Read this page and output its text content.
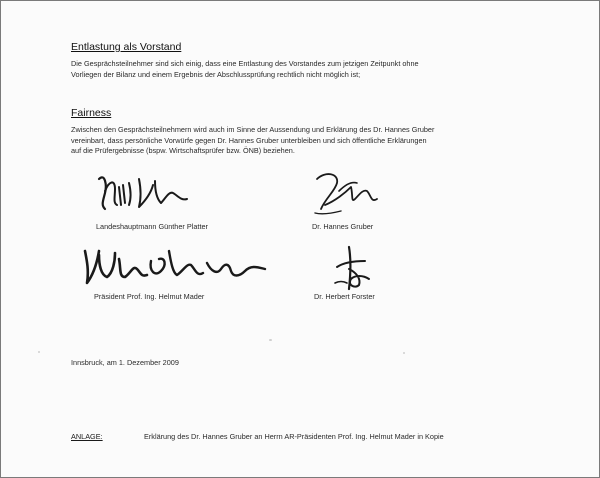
Entlastung als Vorstand

Die Gesprächsteilnehmer sind sich einig, dass eine Entlastung des Vorstandes zum jetzigen Zeitpunkt ohne
Vorliegen der Bilanz und einem Ergebnis der Abschlussprüfung rechtlich nicht möglich ist;

Fairness

Zwischen den Gesprächsteilnehmern wird auch im Sinne der Aussendung und Erklärung des Dr. Hannes Gruber
vereinbart, dass persönliche Vorwürfe gegen Dr. Hannes Gruber unterbleiben und sich öffentliche Erklärungen
auf die Prüfergebnisse (bspw. Wirtschaftsprüfer bzw. ÖNB) beziehen.

Landeshauptmann Günther Platter	Dr. Hannes Gruber
Präsident Prof. Ing. Helmut Mader	Dr. Herbert Forster
Innsbruck, am 1. Dezember 2009
ANLAGE:	Erklärung des Dr. Hannes Gruber an Herrn AR-Präsidenten Prof. Ing. Helmut Mader in Kopie
